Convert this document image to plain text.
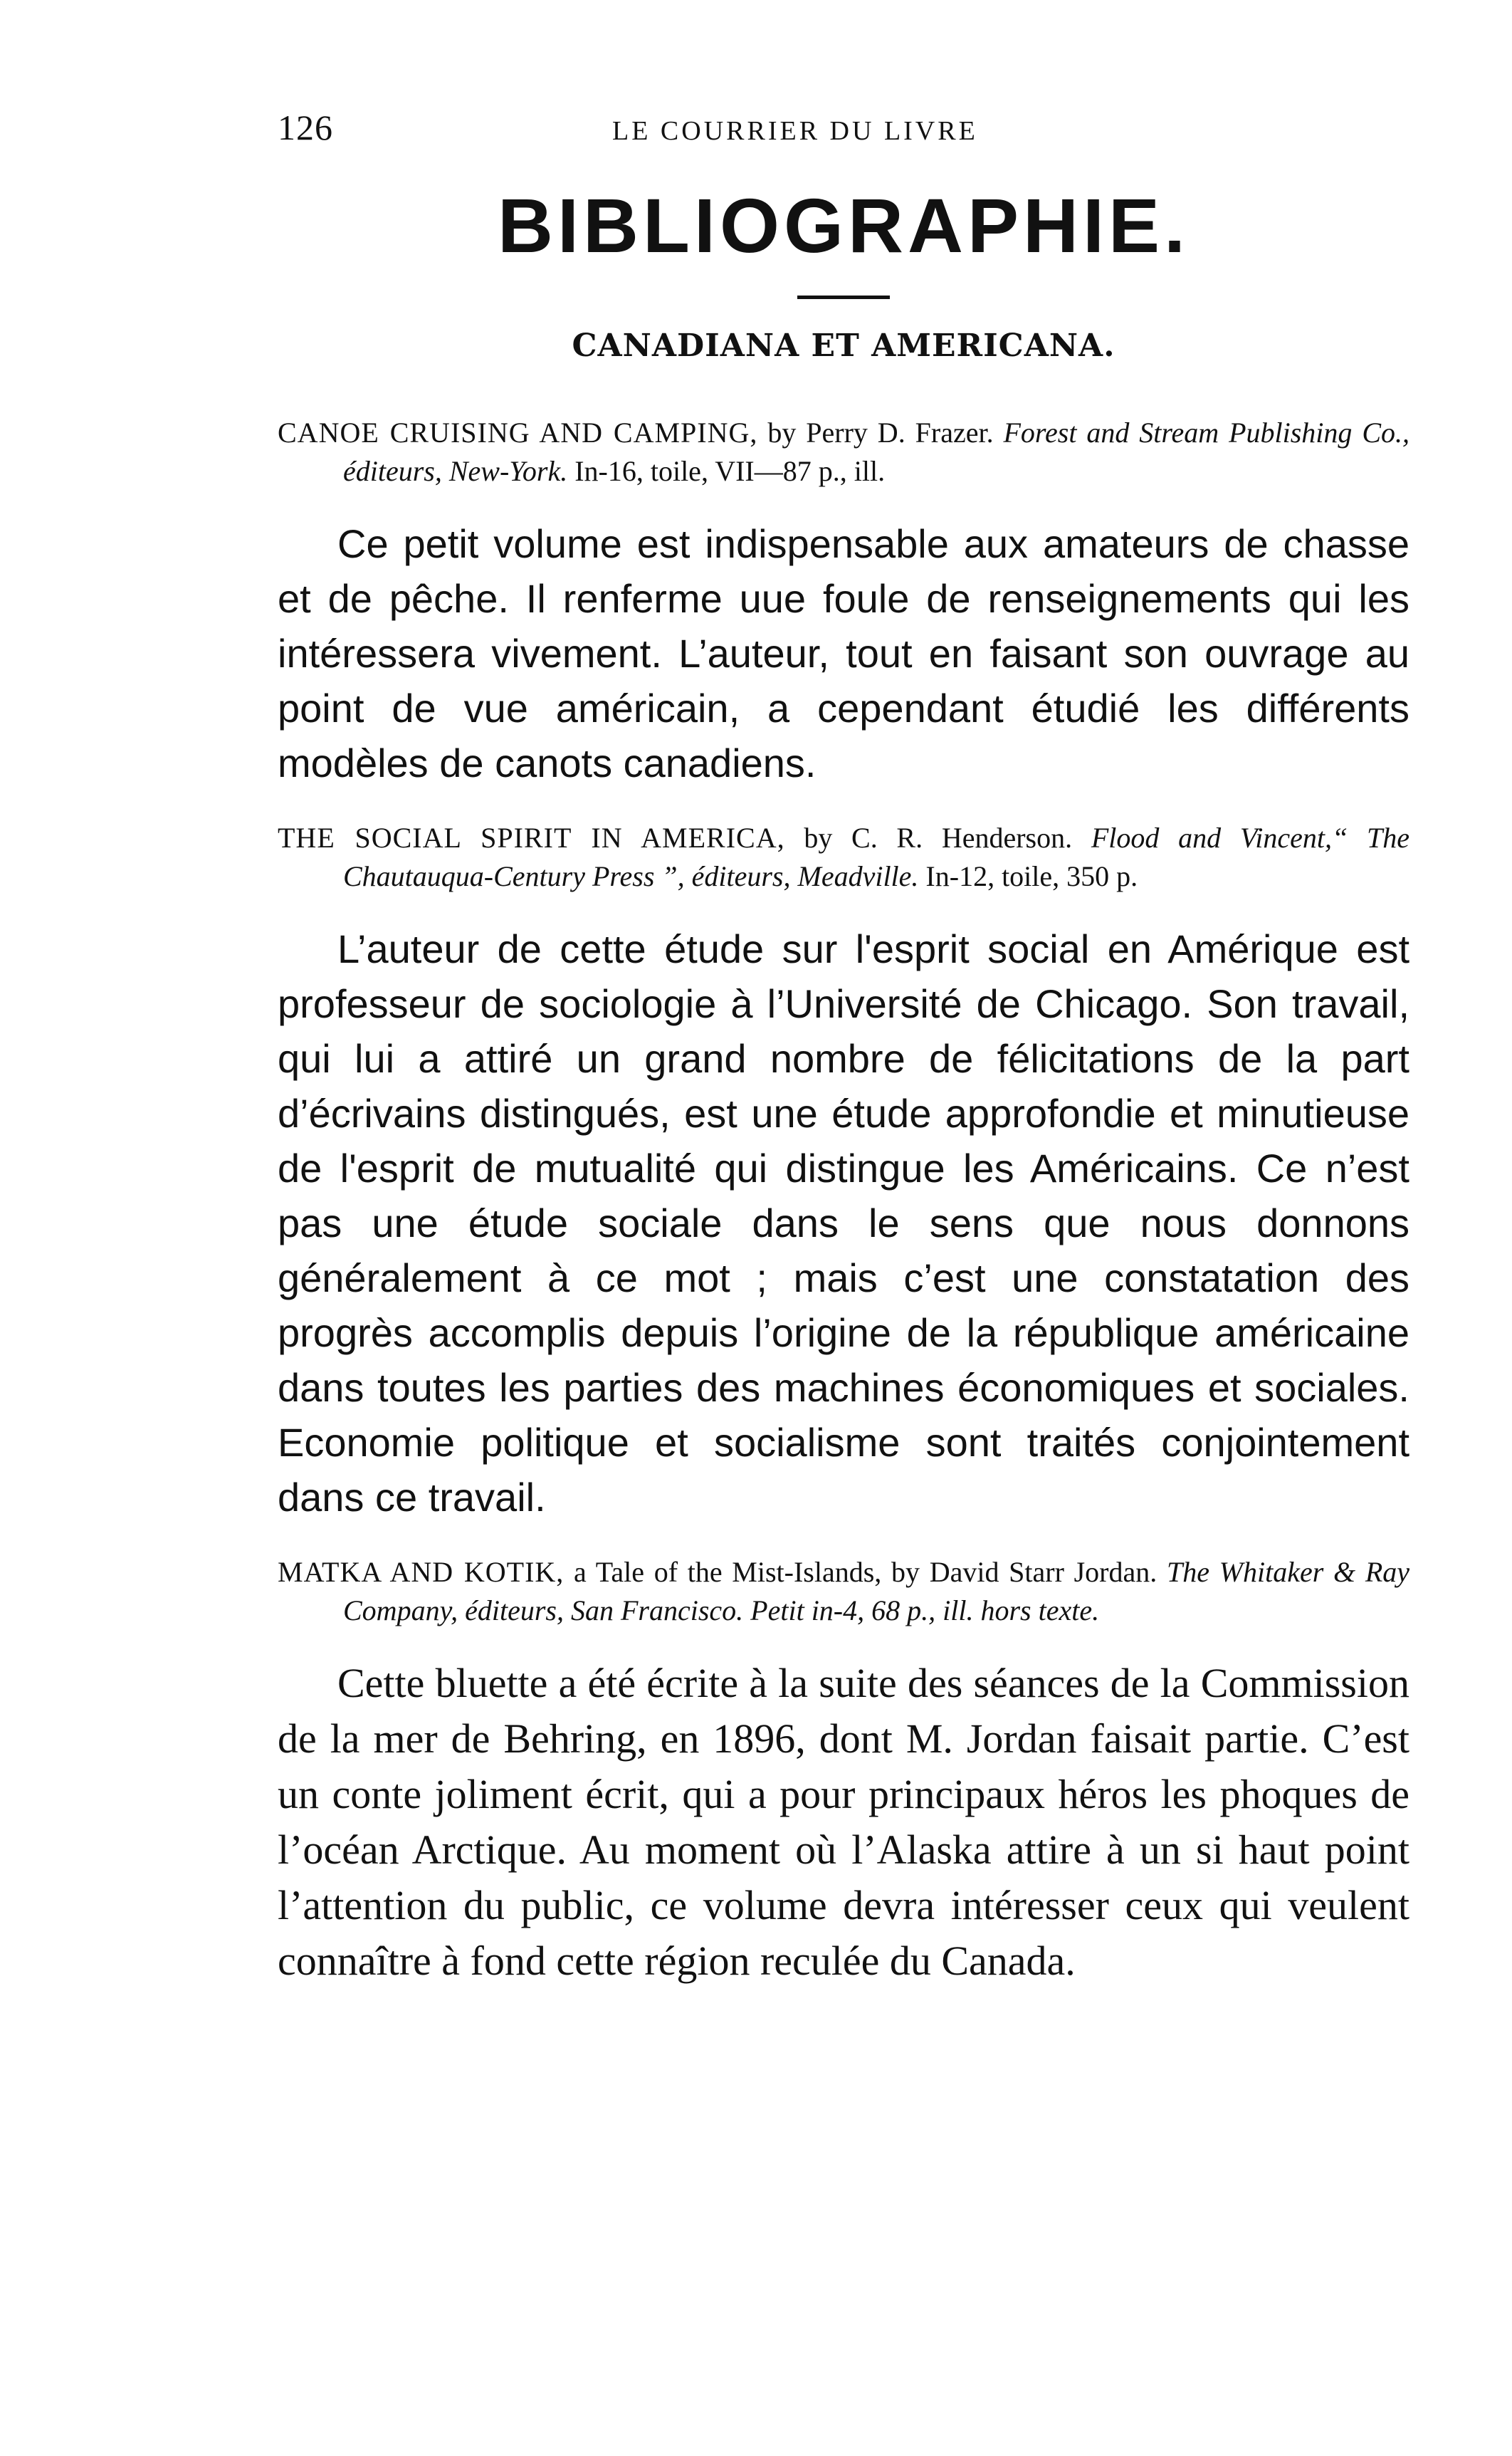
126	LE COURRIER DU LIVRE
BIBLIOGRAPHIE.
CANADIANA ET AMERICANA.

CANOE CRUISING AND CAMPING, by Perry D. Frazer. Forest and Stream Publishing Co., éditeurs, New-York. In-16, toile, VII—87 p., ill.

Ce petit volume est indispensable aux amateurs de chasse et de pêche. Il renferme uue foule de renseignements qui les intéressera vivement. L’auteur, tout en faisant son ouvrage au point de vue américain, a cependant étudié les différents modèles de canots canadiens.

THE SOCIAL SPIRIT IN AMERICA, by C. R. Henderson. Flood and Vincent,“ The Chautauqua-Century Press ”, éditeurs, Meadville. In-12, toile, 350 p.

L’auteur de cette étude sur l'esprit social en Amérique est professeur de sociologie à l’Université de Chicago. Son travail, qui lui a attiré un grand nombre de félicitations de la part d’écrivains distingués, est une étude approfondie et minutieuse de l'esprit de mutualité qui distingue les Américains. Ce n’est pas une étude sociale dans le sens que nous donnons généralement à ce mot ; mais c’est une constatation des progrès accomplis depuis l’origine de la république américaine dans toutes les parties des machines économiques et sociales. Economie politique et socialisme sont traités conjointement dans ce travail.

MATKA AND KOTIK, a Tale of the Mist-Islands, by David Starr Jordan. The Whitaker & Ray Company, éditeurs, San Francisco. Petit in-4, 68 p., ill. hors texte.

Cette bluette a été écrite à la suite des séances de la Commission de la mer de Behring, en 1896, dont M. Jordan faisait partie. C’est un conte joliment écrit, qui a pour principaux héros les phoques de l’océan Arctique. Au moment où l’Alaska attire à un si haut point l’attention du public, ce volume devra intéresser ceux qui veulent connaître à fond cette région reculée du Canada.
